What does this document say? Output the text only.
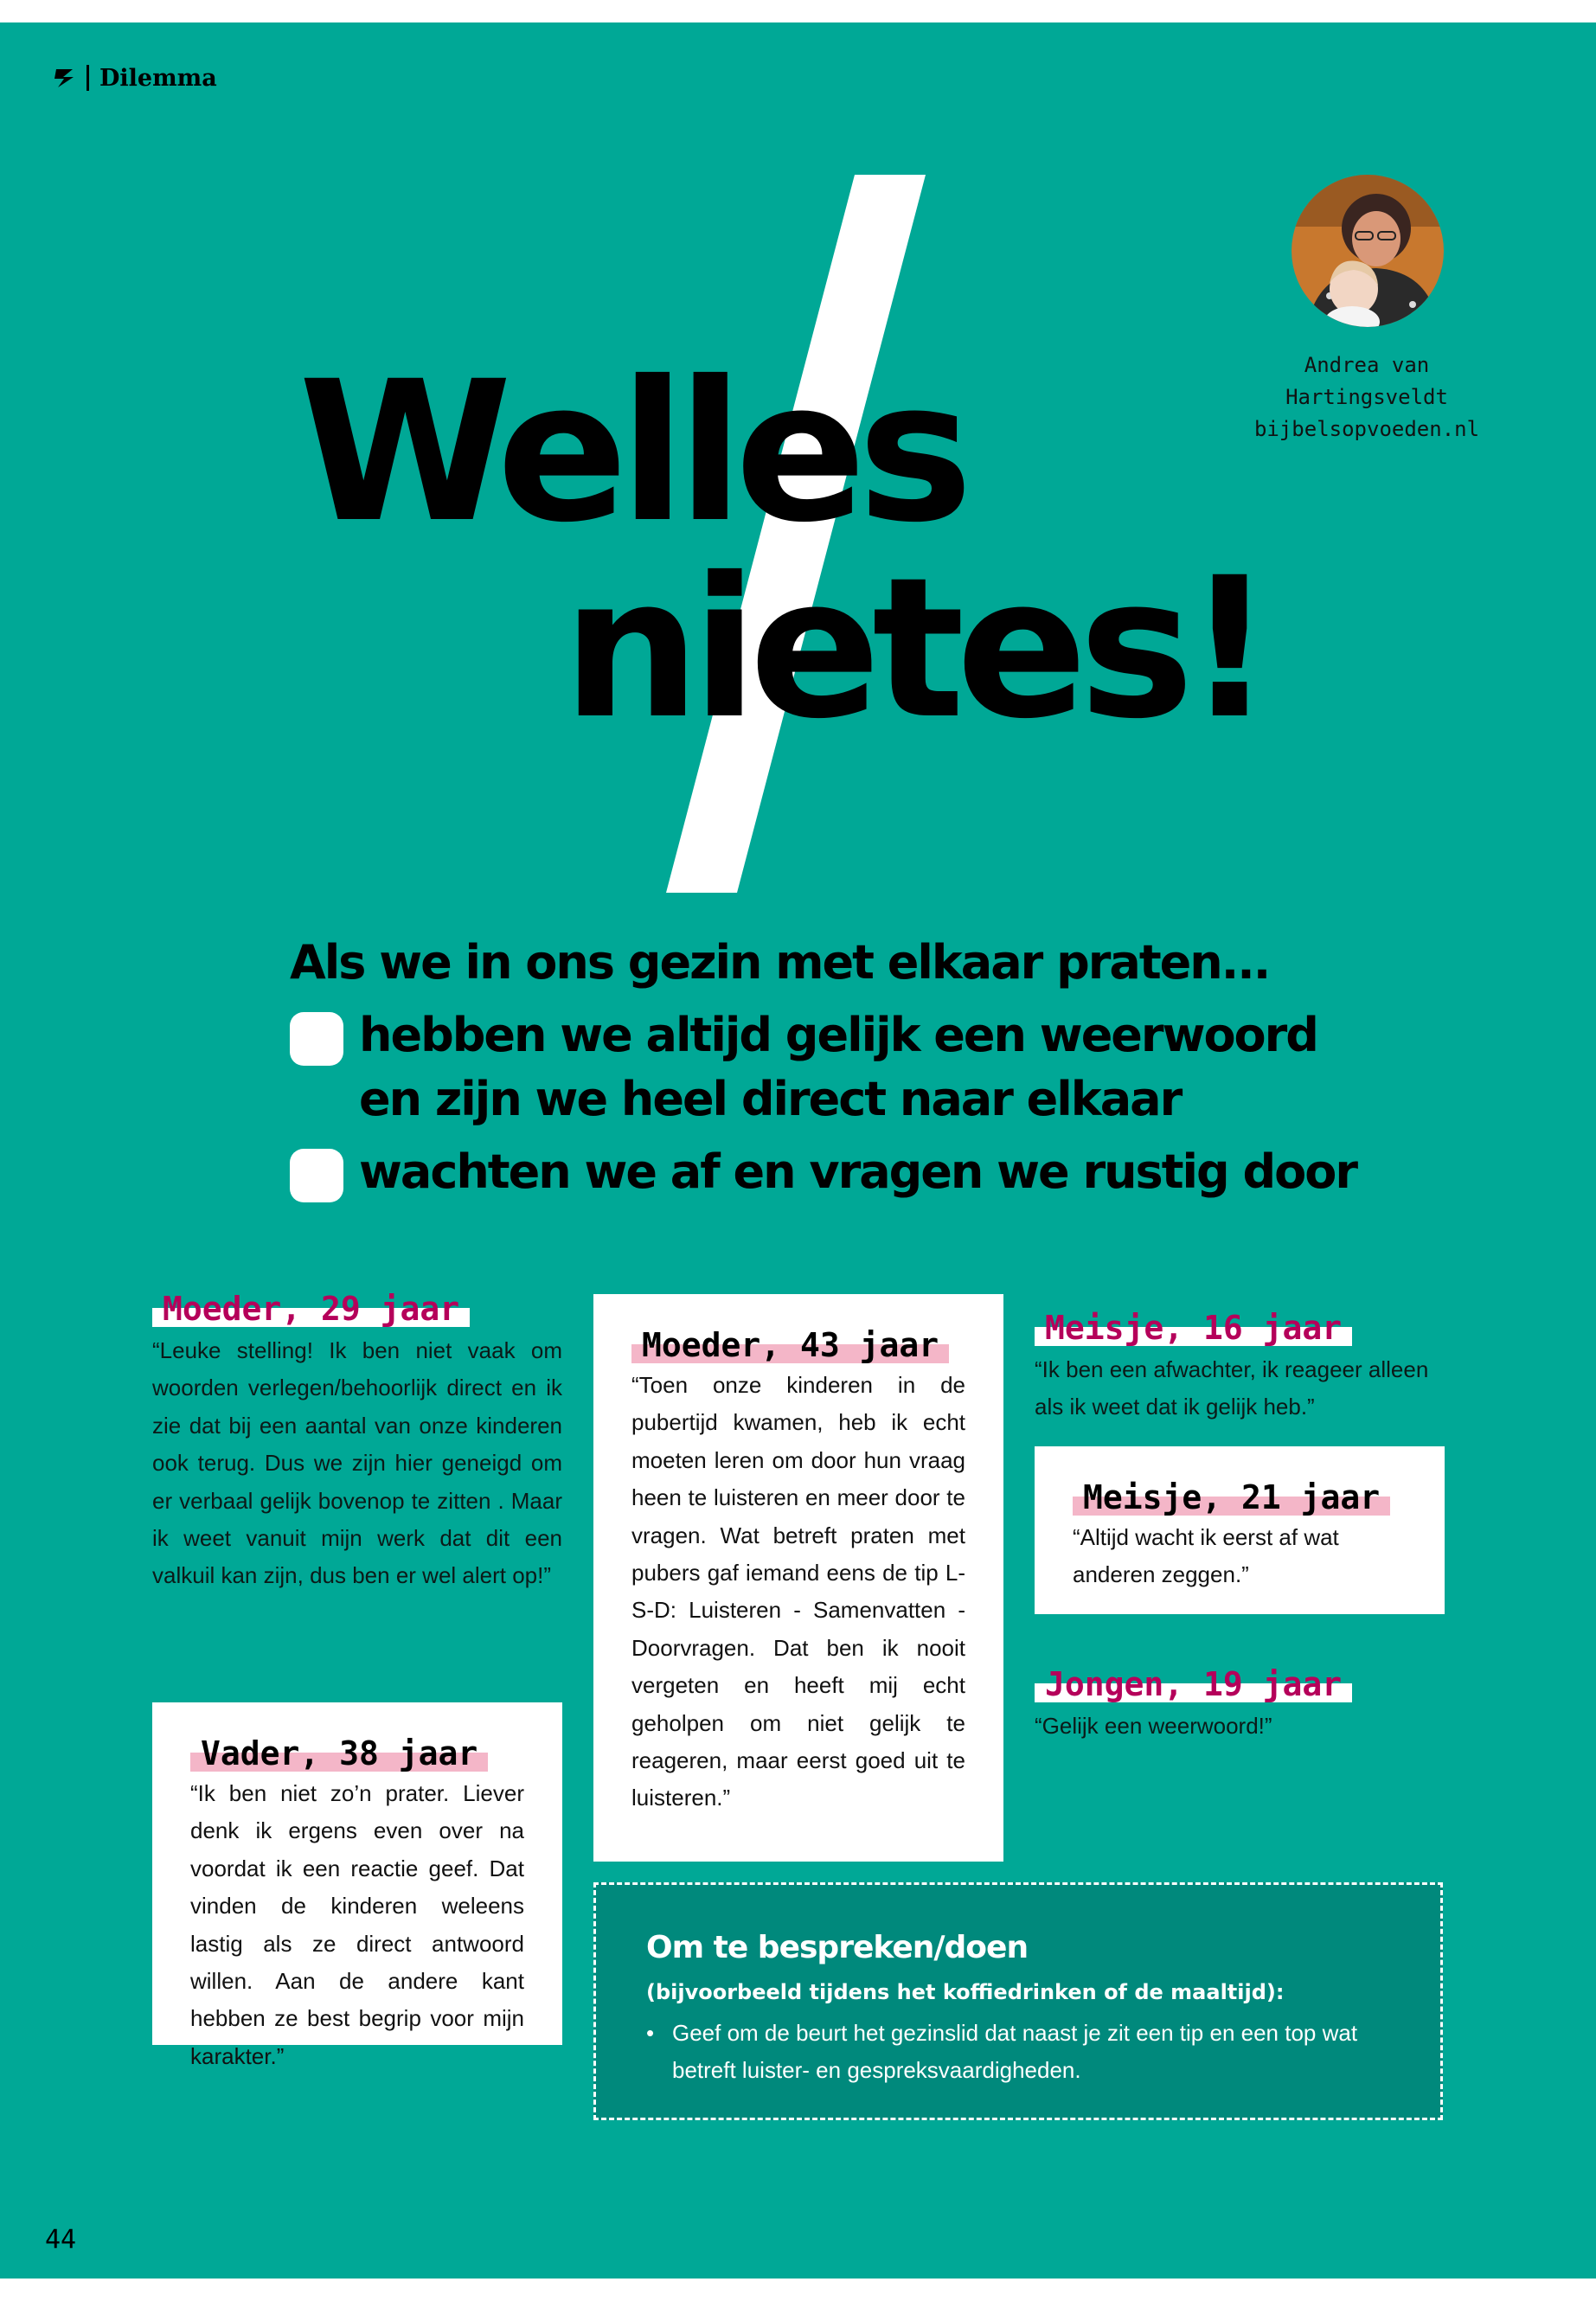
Dilemma
Welles
nietes!
Andrea van
Hartingsveldt
bijbelsopvoeden.nl
Als we in ons gezin met elkaar praten...
hebben we altijd gelijk een weerwoord
en zijn we heel direct naar elkaar
wachten we af en vragen we rustig door
Moeder, 29 jaar
“Leuke stelling! Ik ben niet vaak om woorden verlegen/behoorlijk direct en ik zie dat bij een aantal van onze kinderen ook terug. Dus we zijn hier geneigd om er verbaal gelijk bovenop te zitten . Maar ik weet vanuit mijn werk dat dit een valkuil kan zijn, dus ben er wel alert op!”
Vader, 38 jaar
“Ik ben niet zo’n prater. Liever denk ik ergens even over na voordat ik een reactie geef. Dat vinden de kinderen weleens lastig als ze direct antwoord willen. Aan de andere kant hebben ze best begrip voor mijn karakter.”
Moeder, 43 jaar
“Toen onze kinderen in de pubertijd kwamen, heb ik echt moeten leren om door hun vraag heen te luisteren en meer door te vragen. Wat betreft praten met pubers gaf iemand eens de tip L-S-D: Luisteren - Samenvatten - Doorvragen. Dat ben ik nooit vergeten en heeft mij echt geholpen om niet gelijk te reageren, maar eerst goed uit te luisteren.”
Meisje, 16 jaar
“Ik ben een afwachter, ik reageer alleen als ik weet dat ik gelijk heb.”
Meisje, 21 jaar
“Altijd wacht ik eerst af wat anderen zeggen.”
Jongen, 19 jaar
“Gelijk een weerwoord!”
Om te bespreken/doen
(bijvoorbeeld tijdens het koffiedrinken of de maaltijd):
• Geef om de beurt het gezinslid dat naast je zit een tip en een top wat betreft luister- en gespreksvaardigheden.
44
